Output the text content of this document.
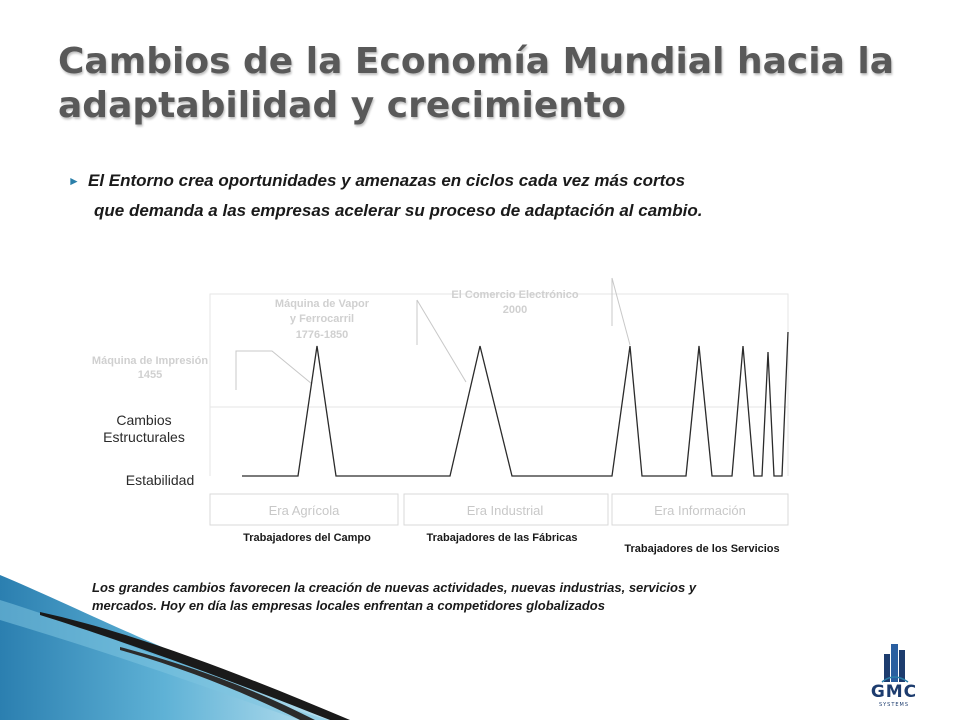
Cambios de la Economía Mundial hacia la adaptabilidad y crecimiento
► El Entorno crea oportunidades y amenazas en ciclos cada vez más cortos
que demanda a las empresas acelerar su proceso de adaptación al cambio.
Era Agrícola	Era Industrial	Era Información
Trabajadores del Campo	Trabajadores de las Fábricas
Trabajadores de los Servicios
Cambios
Estructurales
Estabilidad
Máquina de Impresión
1455
Máquina de Vapor
y Ferrocarril
1776-1850
El Comercio Electrónico
2000
Los grandes cambios favorecen la creación de nuevas actividades, nuevas industrias, servicios y
mercados. Hoy en día las empresas locales enfrentan a competidores globalizados
GMC
SYSTEMS
